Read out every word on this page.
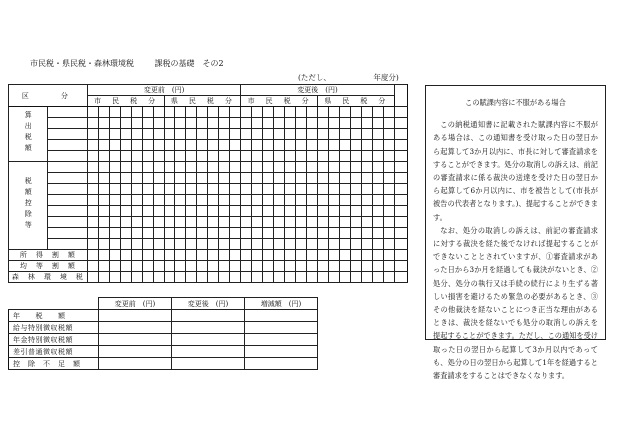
市民税・県民税・森林環境税	課税の基礎　その2
(ただし、	年度分)
区　　分		変更前　(円)														変更後　(円)														
		市　民　税　分							県　民　税　分							市　民　税　分							県　民　税　分							
算出税額																														

税額控除等																														

所　得　割　額																														
均　等　割　額																														
森　林　環　境　税																														
	変更前　(円)	変更後　(円)	増減額　(円)	
年　　税　　額				
給与特別徴収税額				
年金特別徴収税額				
差引普通徴収税額				
控　除　不　足　額				
この賦課内容に不服がある場合

この納税通知書に記載された賦課内容に不服がある場合は、この通知書を受け取った日の翌日から起算して3か月以内に、市長に対して審査請求をすることができます。処分の取消しの訴えは、前記の審査請求に係る裁決の送達を受けた日の翌日から起算して6か月以内に、市を被告として(市長が被告の代表者となります。)、提起することができます。

なお、処分の取消しの訴えは、前記の審査請求に対する裁決を経た後でなければ提起することができないこととされていますが、①審査請求があった日から3か月を経過しても裁決がないとき、②処分、処分の執行又は手続の続行により生ずる著しい損害を避けるため緊急の必要があるとき、③その他裁決を経ないことにつき正当な理由があるときは、裁決を経ないでも処分の取消しの訴えを提起することができます。ただし、この通知を受け取った日の翌日から起算して3か月以内であっても、処分の日の翌日から起算して1年を経過すると審査請求をすることはできなくなります。
